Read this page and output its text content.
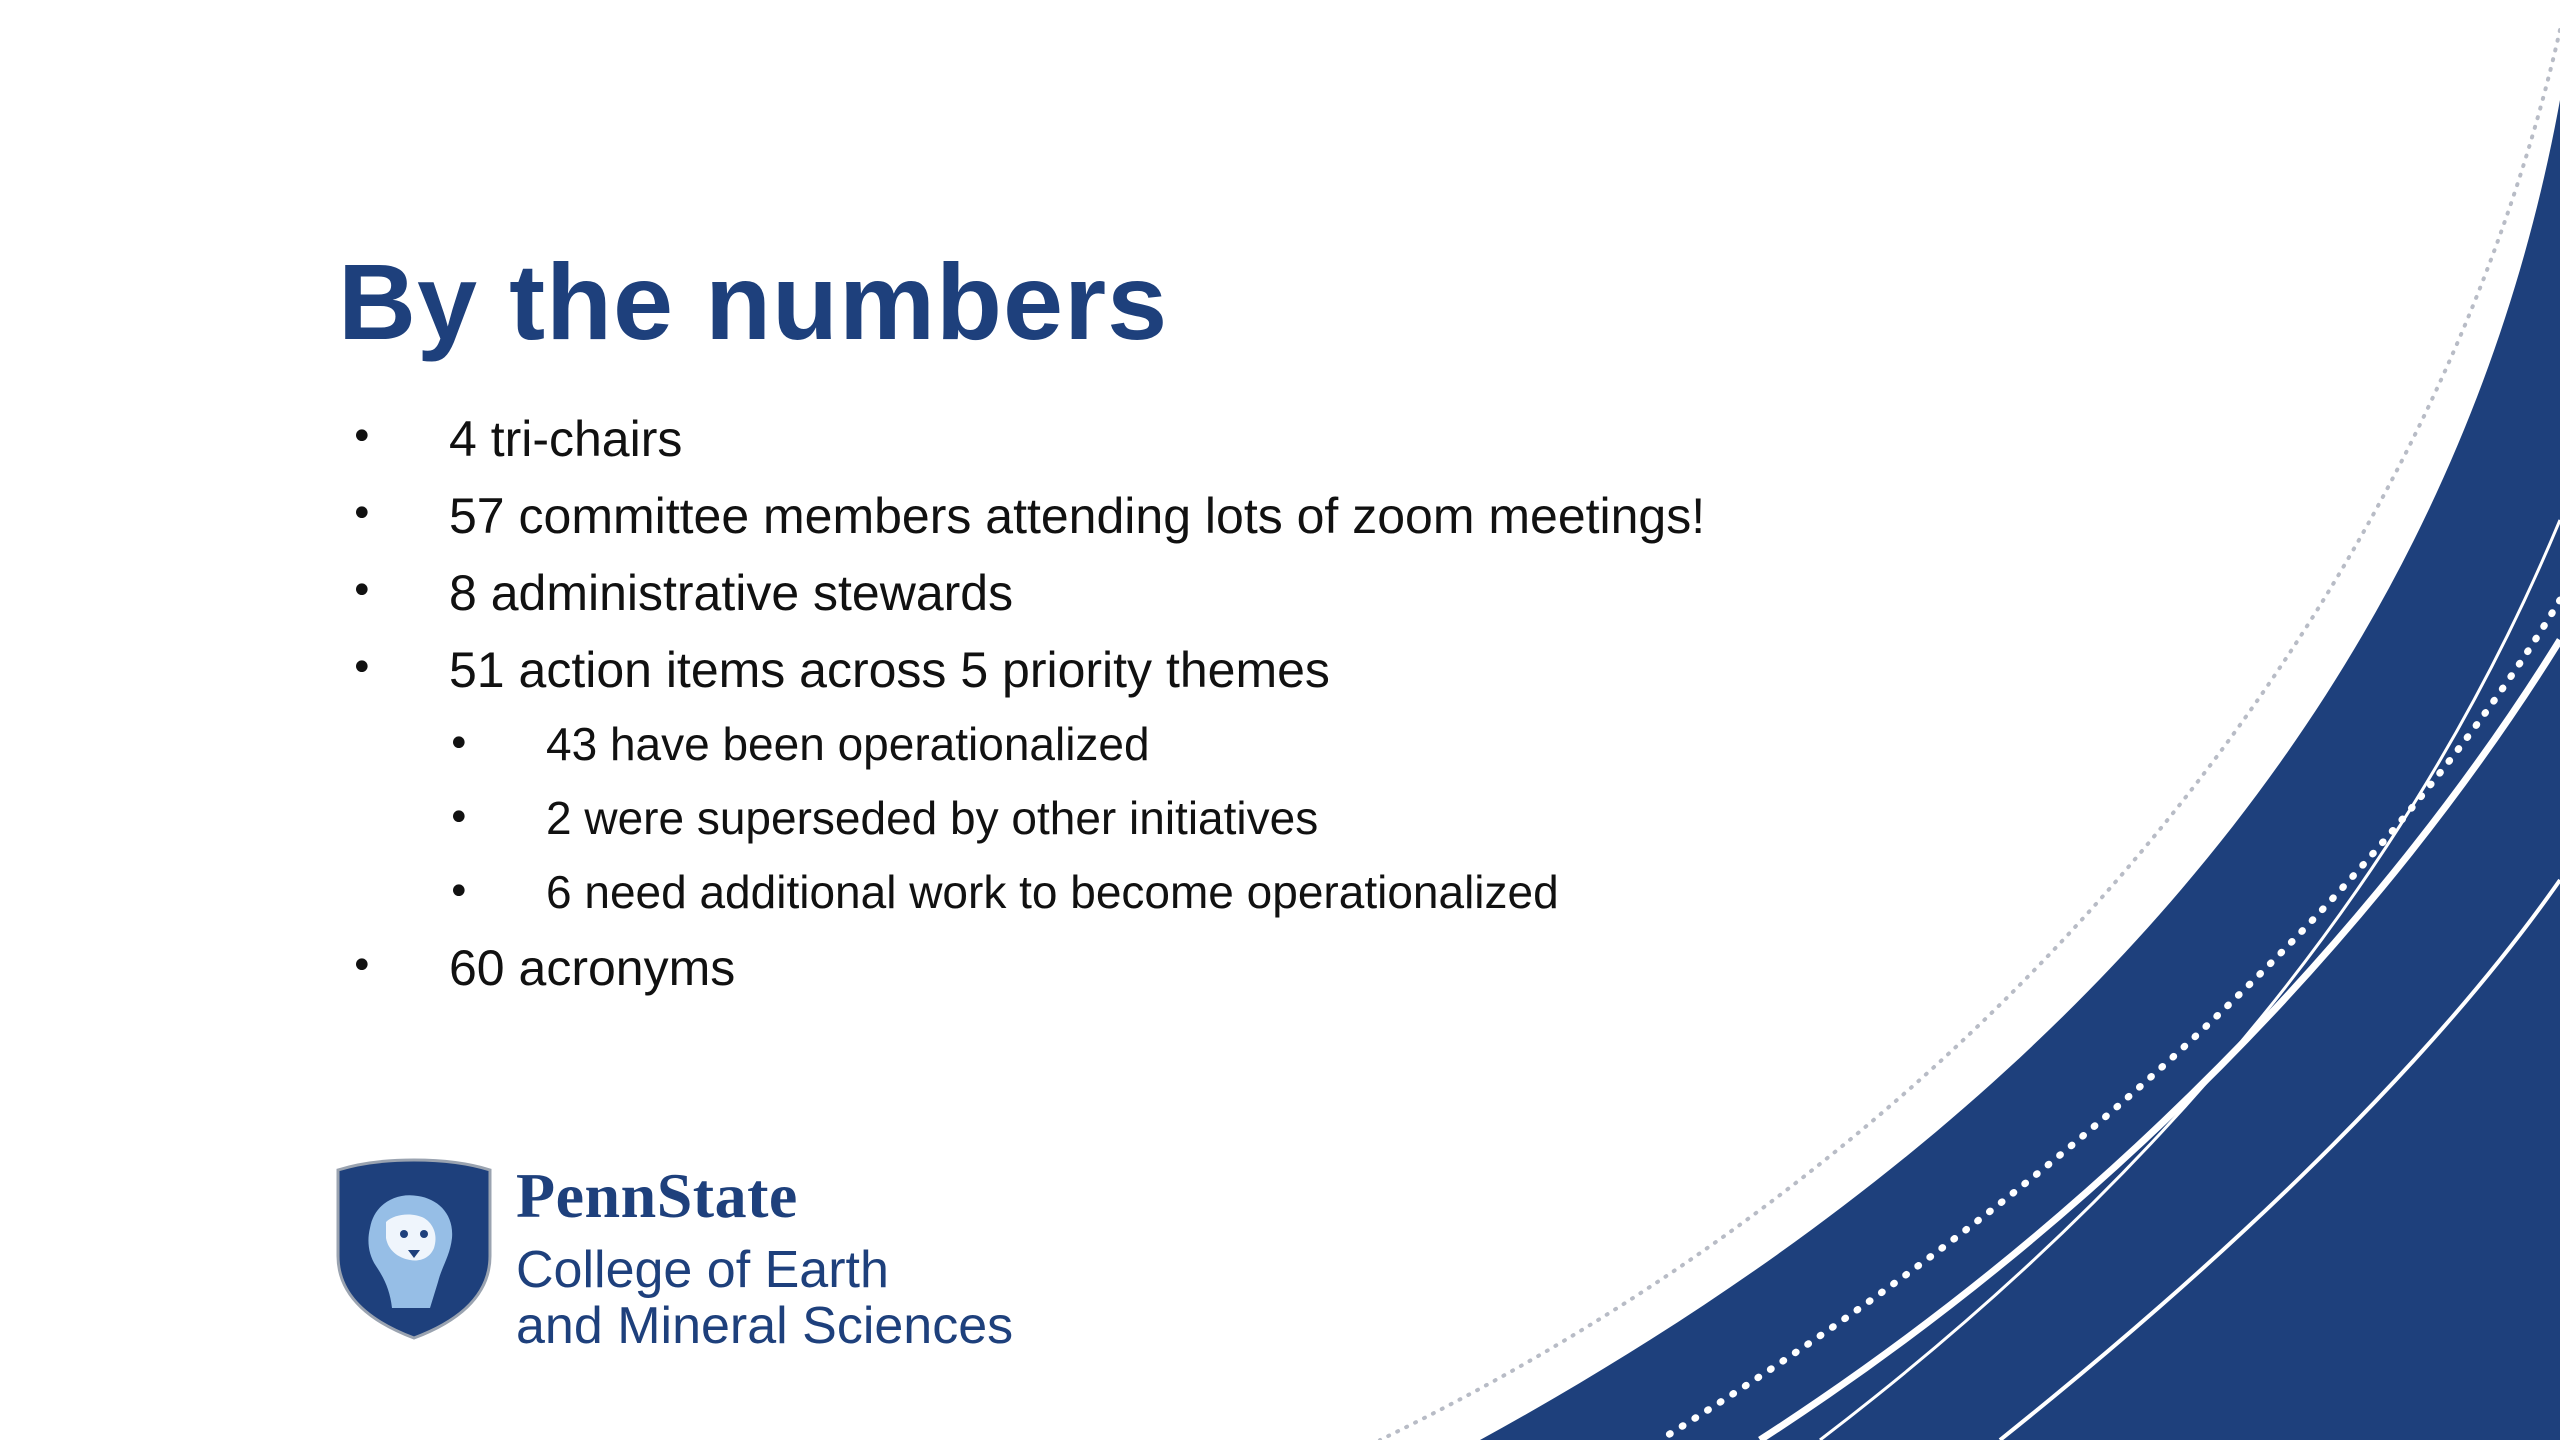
By the numbers
• 4 tri-chairs
• 57 committee members attending lots of zoom meetings!
• 8 administrative stewards
• 51 action items across 5 priority themes
• 43 have been operationalized
• 2 were superseded by other initiatives
• 6 need additional work to become operationalized
• 60 acronyms
PennState
College of Earth
and Mineral Sciences
